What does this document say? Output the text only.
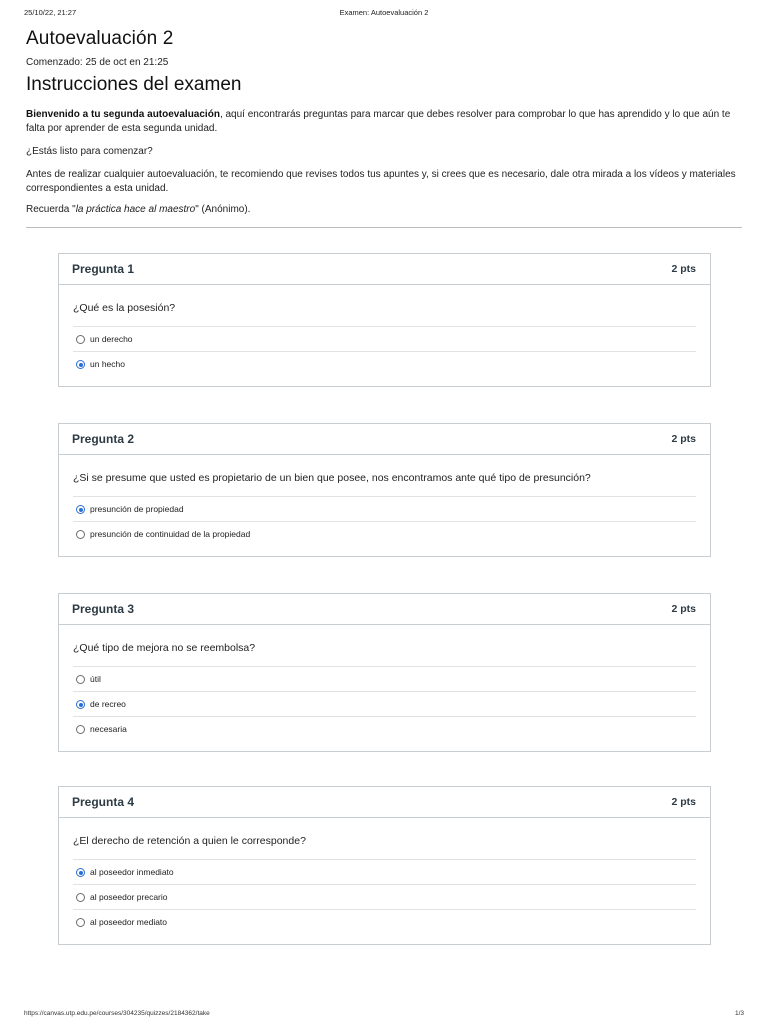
25/10/22, 21:27	Examen: Autoevaluación 2
Autoevaluación 2
Comenzado: 25 de oct en 21:25
Instrucciones del examen

Bienvenido a tu segunda autoevaluación, aquí encontrarás preguntas para marcar que debes resolver para comprobar lo que has aprendido y lo que aún te falta por aprender de esta segunda unidad.

¿Estás listo para comenzar?

Antes de realizar cualquier autoevaluación, te recomiendo que revises todos tus apuntes y, si crees que es necesario, dale otra mirada a los vídeos y materiales correspondientes a esta unidad.

Recuerda "la práctica hace al maestro" (Anónimo).

Pregunta 1	2 pts
¿Qué es la posesión?
un derecho
un hecho
Pregunta 2	2 pts
¿Si se presume que usted es propietario de un bien que posee, nos encontramos ante qué tipo de presunción?
presunción de propiedad
presunción de continuidad de la propiedad
Pregunta 3	2 pts
¿Qué tipo de mejora no se reembolsa?
útil
de recreo
necesaria
Pregunta 4	2 pts
¿El derecho de retención a quien le corresponde?
al poseedor inmediato
al poseedor precario
al poseedor mediato
https://canvas.utp.edu.pe/courses/304235/quizzes/2184362/take	1/3
